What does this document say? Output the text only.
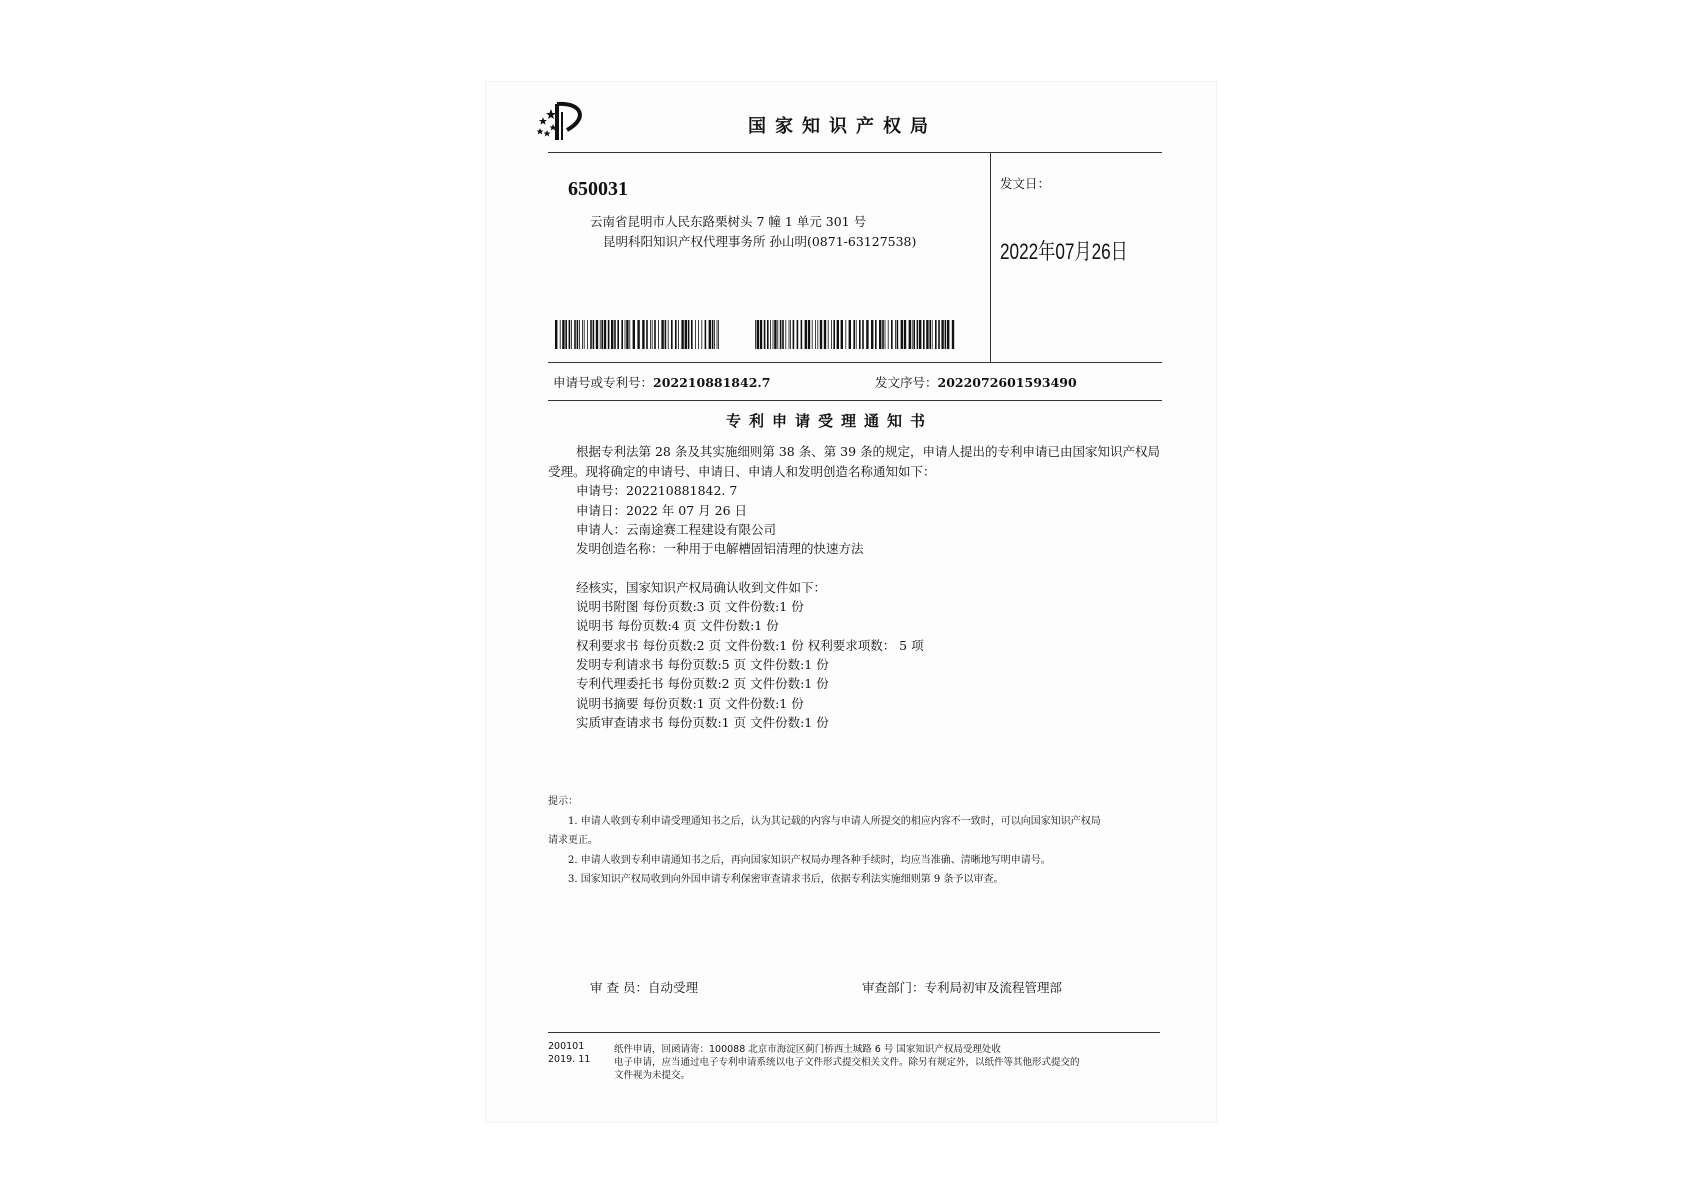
国家知识产权局
650031
云南省昆明市人民东路栗树头 7 幢 1 单元 301 号
昆明科阳知识产权代理事务所 孙山明(0871-63127538)
发文日：
2022年07月26日
申请号或专利号：202210881842.7	发文序号：2022072601593490
专利申请受理通知书
根据专利法第 28 条及其实施细则第 38 条、第 39 条的规定，申请人提出的专利申请已由国家知识产权局
受理。现将确定的申请号、申请日、申请人和发明创造名称通知如下：
申请号：202210881842. 7
申请日：2022 年 07 月 26 日
申请人：云南途赛工程建设有限公司
发明创造名称：一种用于电解槽固铝清理的快速方法
经核实，国家知识产权局确认收到文件如下：
说明书附图 每份页数:3 页 文件份数:1 份
说明书 每份页数:4 页 文件份数:1 份
权利要求书 每份页数:2 页 文件份数:1 份 权利要求项数： 5 项
发明专利请求书 每份页数:5 页 文件份数:1 份
专利代理委托书 每份页数:2 页 文件份数:1 份
说明书摘要 每份页数:1 页 文件份数:1 份
实质审查请求书 每份页数:1 页 文件份数:1 份
提示：
1. 申请人收到专利申请受理通知书之后，认为其记载的内容与申请人所提交的相应内容不一致时，可以向国家知识产权局
请求更正。
2. 申请人收到专利申请通知书之后，再向国家知识产权局办理各种手续时，均应当准确、清晰地写明申请号。
3. 国家知识产权局收到向外国申请专利保密审查请求书后，依据专利法实施细则第 9 条予以审查。
审 查 员：自动受理	审查部门：专利局初审及流程管理部
200101
2019. 11
纸件申请，回函请寄：100088 北京市海淀区蓟门桥西土城路 6 号 国家知识产权局受理处收
电子申请，应当通过电子专利申请系统以电子文件形式提交相关文件。除另有规定外，以纸件等其他形式提交的
文件视为未提交。
